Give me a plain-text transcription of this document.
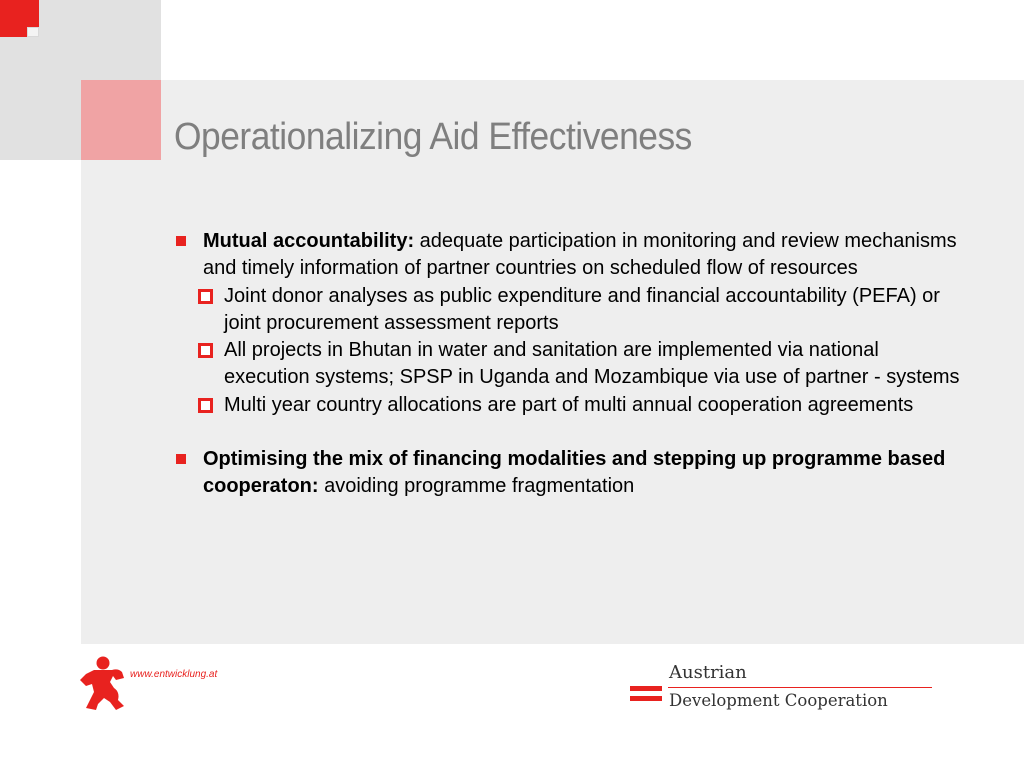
Operationalizing Aid Effectiveness
Mutual accountability: adequate participation in monitoring and review mechanisms and timely information of partner countries on scheduled flow of resources
Joint donor analyses as public expenditure and financial accountability (PEFA) or joint procurement assessment reports
All projects in Bhutan in water and sanitation are implemented via national execution systems; SPSP in Uganda and Mozambique via use of partner - systems
Multi year country allocations are part of multi annual cooperation agreements
Optimising the mix of financing modalities and stepping up programme based cooperaton: avoiding programme fragmentation
www.entwicklung.at	Austrian
Development Cooperation
